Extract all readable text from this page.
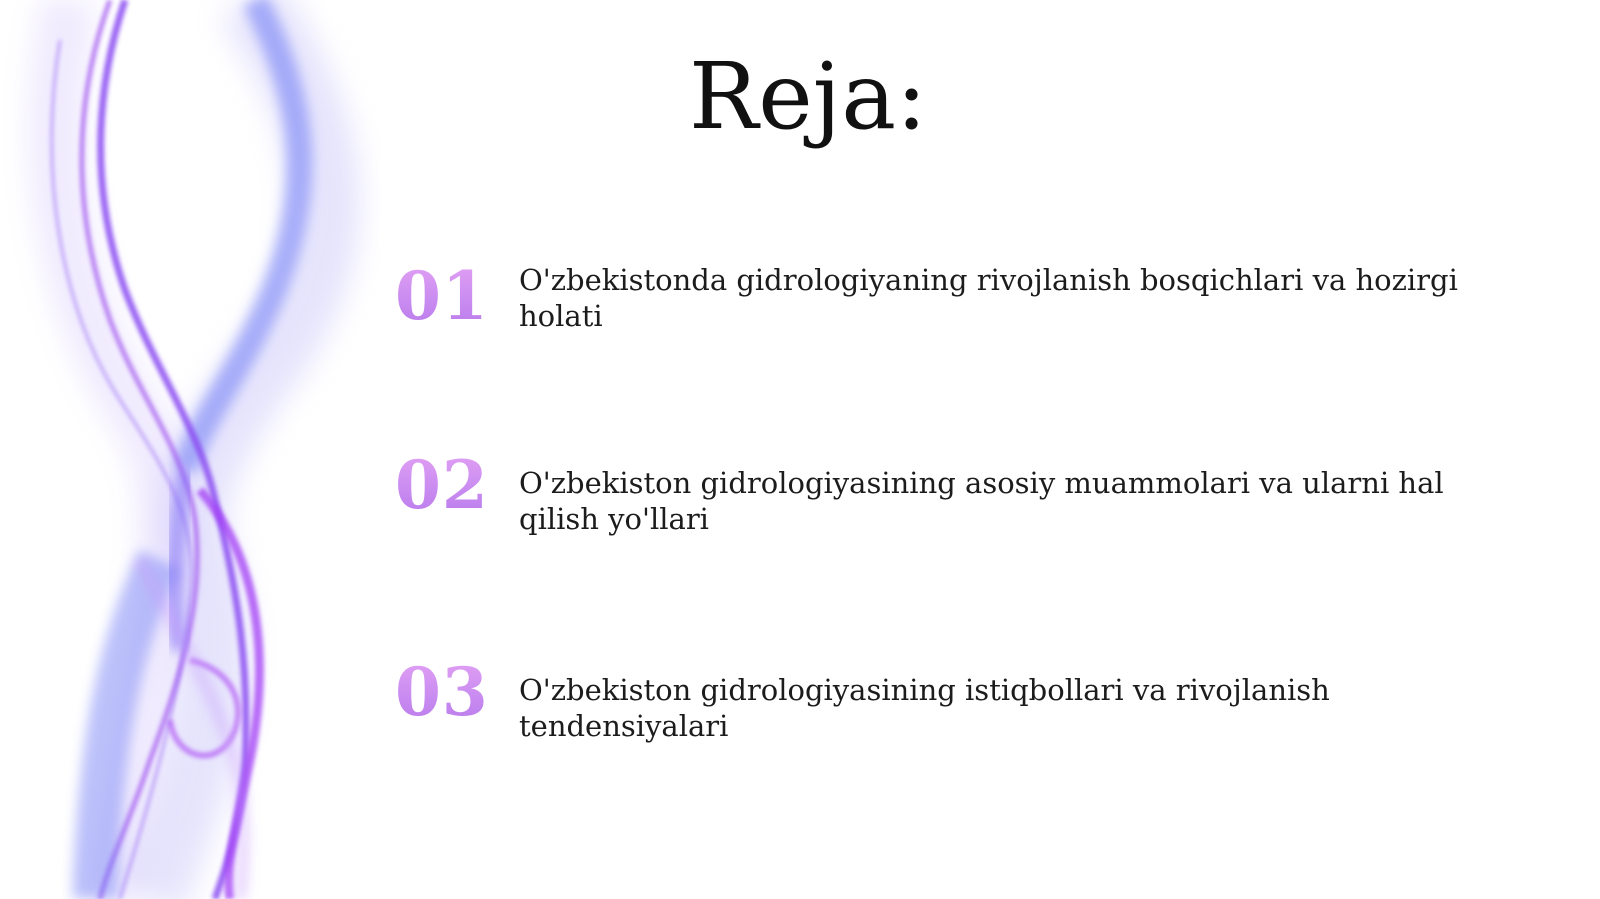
Reja:
01 O'zbekistonda gidrologiyaning rivojlanish bosqichlari va hozirgi holati
02 O'zbekiston gidrologiyasining asosiy muammolari va ularni hal qilish yo'llari
03 O'zbekiston gidrologiyasining istiqbollari va rivojlanish tendensiyalari
